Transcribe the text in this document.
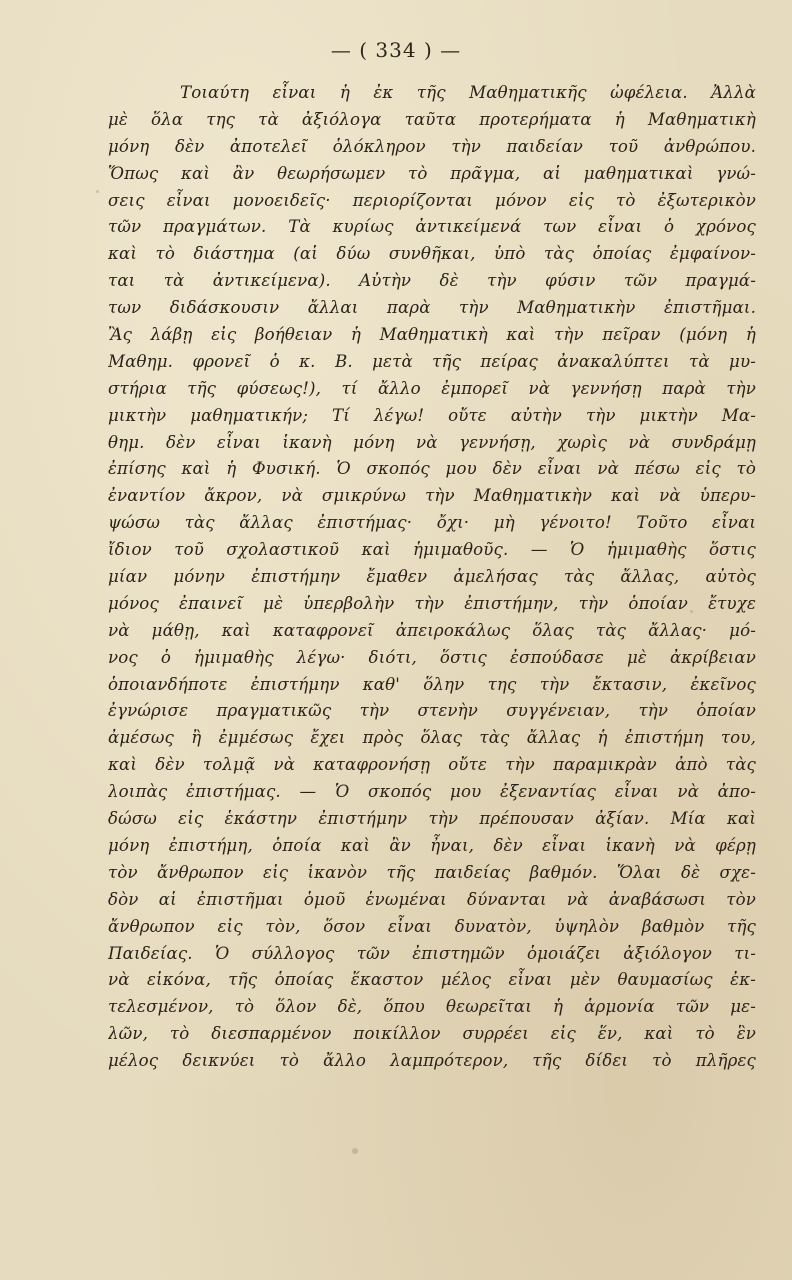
— ( 334 ) —
Τοιαύτη εἶναι ἡ ἐκ τῆς Μαθηματικῆς ὠφέλεια. Ἀλλὰ
μὲ ὅλα της τὰ ἀξιόλογα ταῦτα προτερήματα ἡ Μαθηματικὴ
μόνη δὲν ἀποτελεῖ ὁλόκληρον τὴν παιδείαν τοῦ ἀνθρώπου.
Ὅπως καὶ ἂν θεωρήσωμεν τὸ πρᾶγμα, αἱ μαθηματικαὶ γνώ-
σεις εἶναι μονοειδεῖς· περιορίζονται μόνον εἰς τὸ ἐξωτερικὸν
τῶν πραγμάτων. Τὰ κυρίως ἀντικείμενά των εἶναι ὁ χρόνος
καὶ τὸ διάστημα (αἱ δύω συνθῆκαι, ὑπὸ τὰς ὁποίας ἐμφαίνον-
ται τὰ ἀντικείμενα). Αὐτὴν δὲ τὴν φύσιν τῶν πραγμά-
των διδάσκουσιν ἄλλαι παρὰ τὴν Μαθηματικὴν ἐπιστῆμαι.
Ἂς λάβῃ εἰς βοήθειαν ἡ Μαθηματικὴ καὶ τὴν πεῖραν (μόνη ἡ
Μαθημ. φρονεῖ ὁ κ. Β. μετὰ τῆς πείρας ἀνακαλύπτει τὰ μυ-
στήρια τῆς φύσεως!), τί ἄλλο ἐμπορεῖ νὰ γεννήσῃ παρὰ τὴν
μικτὴν μαθηματικήν; Τί λέγω! οὔτε αὐτὴν τὴν μικτὴν Μα-
θημ. δὲν εἶναι ἱκανὴ μόνη νὰ γεννήσῃ, χωρὶς νὰ συνδράμῃ
ἐπίσης καὶ ἡ Φυσική. Ὁ σκοπός μου δὲν εἶναι νὰ πέσω εἰς τὸ
ἐναντίον ἄκρον, νὰ σμικρύνω τὴν Μαθηματικὴν καὶ νὰ ὑπερυ-
ψώσω τὰς ἄλλας ἐπιστήμας· ὄχι· μὴ γένοιτο! Τοῦτο εἶναι
ἴδιον τοῦ σχολαστικοῦ καὶ ἡμιμαθοῦς. — Ὁ ἡμιμαθὴς ὅστις
μίαν μόνην ἐπιστήμην ἔμαθεν ἀμελήσας τὰς ἄλλας, αὐτὸς
μόνος ἐπαινεῖ μὲ ὑπερβολὴν τὴν ἐπιστήμην, τὴν ὁποίαν ἔτυχε
νὰ μάθῃ, καὶ καταφρονεῖ ἀπειροκάλως ὅλας τὰς ἄλλας· μό-
νος ὁ ἡμιμαθὴς λέγω· διότι, ὅστις ἐσπούδασε μὲ ἀκρίβειαν
ὁποιανδήποτε ἐπιστήμην καθ' ὅλην της τὴν ἔκτασιν, ἐκεῖνος
ἐγνώρισε πραγματικῶς τὴν στενὴν συγγένειαν, τὴν ὁποίαν
ἀμέσως ἢ ἐμμέσως ἔχει πρὸς ὅλας τὰς ἄλλας ἡ ἐπιστήμη του,
καὶ δὲν τολμᾷ νὰ καταφρονήσῃ οὔτε τὴν παραμικρὰν ἀπὸ τὰς
λοιπὰς ἐπιστήμας. — Ὁ σκοπός μου ἐξεναντίας εἶναι νὰ ἀπο-
δώσω εἰς ἑκάστην ἐπιστήμην τὴν πρέπουσαν ἀξίαν. Μία καὶ
μόνη ἐπιστήμη, ὁποία καὶ ἂν ἦναι, δὲν εἶναι ἱκανὴ νὰ φέρῃ
τὸν ἄνθρωπον εἰς ἱκανὸν τῆς παιδείας βαθμόν. Ὅλαι δὲ σχε-
δὸν αἱ ἐπιστῆμαι ὁμοῦ ἑνωμέναι δύνανται νὰ ἀναβάσωσι τὸν
ἄνθρωπον εἰς τὸν, ὅσον εἶναι δυνατὸν, ὑψηλὸν βαθμὸν τῆς
Παιδείας. Ὁ σύλλογος τῶν ἐπιστημῶν ὁμοιάζει ἀξιόλογον τι-
νὰ εἰκόνα, τῆς ὁποίας ἕκαστον μέλος εἶναι μὲν θαυμασίως ἐκ-
τελεσμένον, τὸ ὅλον δὲ, ὅπου θεωρεῖται ἡ ἁρμονία τῶν με-
λῶν, τὸ διεσπαρμένον ποικίλλον συρρέει εἰς ἕν, καὶ τὸ ἓν
μέλος δεικνύει τὸ ἄλλο λαμπρότερον, τῆς δίδει τὸ πλῆρες
